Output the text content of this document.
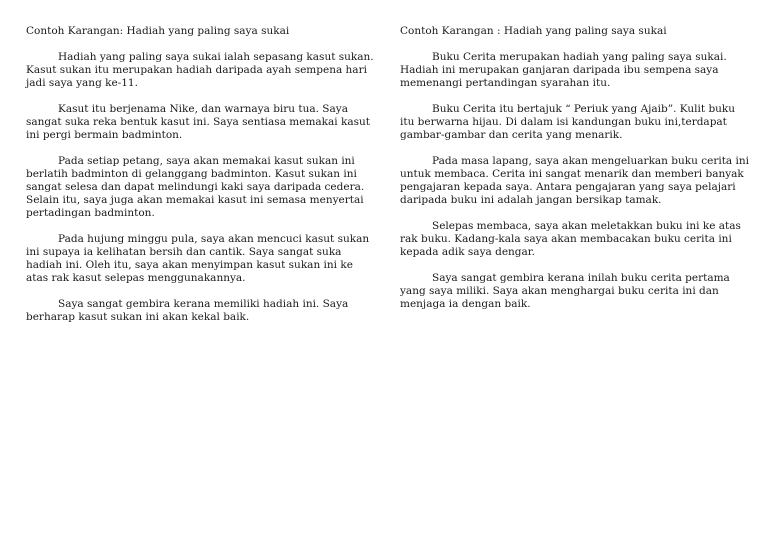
Contoh Karangan: Hadiah yang paling saya sukai

Hadiah yang paling saya sukai ialah sepasang kasut sukan. Kasut sukan itu merupakan hadiah daripada ayah sempena hari jadi saya yang ke-11.

Kasut itu berjenama Nike, dan warnaya biru tua. Saya sangat suka reka bentuk kasut ini. Saya sentiasa memakai kasut ini pergi bermain badminton.

Pada setiap petang, saya akan memakai kasut sukan ini berlatih badminton di gelanggang badminton. Kasut sukan ini sangat selesa dan dapat melindungi kaki saya daripada cedera. Selain itu, saya juga akan memakai kasut ini semasa menyertai pertadingan badminton.

Pada hujung minggu pula, saya akan mencuci kasut sukan ini supaya ia kelihatan bersih dan cantik. Saya sangat suka hadiah ini. Oleh itu, saya akan menyimpan kasut sukan ini ke atas rak kasut selepas menggunakannya.

Saya sangat gembira kerana memiliki hadiah ini. Saya berharap kasut sukan ini akan kekal baik.

Contoh Karangan : Hadiah yang paling saya sukai

Buku Cerita merupakan hadiah yang paling saya sukai. Hadiah ini merupakan ganjaran daripada ibu sempena saya memenangi pertandingan syarahan itu.

Buku Cerita itu bertajuk “ Periuk yang Ajaib”. Kulit buku itu berwarna hijau. Di dalam isi kandungan buku ini,terdapat gambar-gambar dan cerita yang menarik.

Pada masa lapang, saya akan mengeluarkan buku cerita ini untuk membaca. Cerita ini sangat menarik dan memberi banyak pengajaran kepada saya. Antara pengajaran yang saya pelajari daripada buku ini adalah jangan bersikap tamak.

Selepas membaca, saya akan meletakkan buku ini ke atas rak buku. Kadang-kala saya akan membacakan buku cerita ini kepada adik saya dengar.

Saya sangat gembira kerana inilah buku cerita pertama yang saya miliki. Saya akan menghargai buku cerita ini dan menjaga ia dengan baik.
